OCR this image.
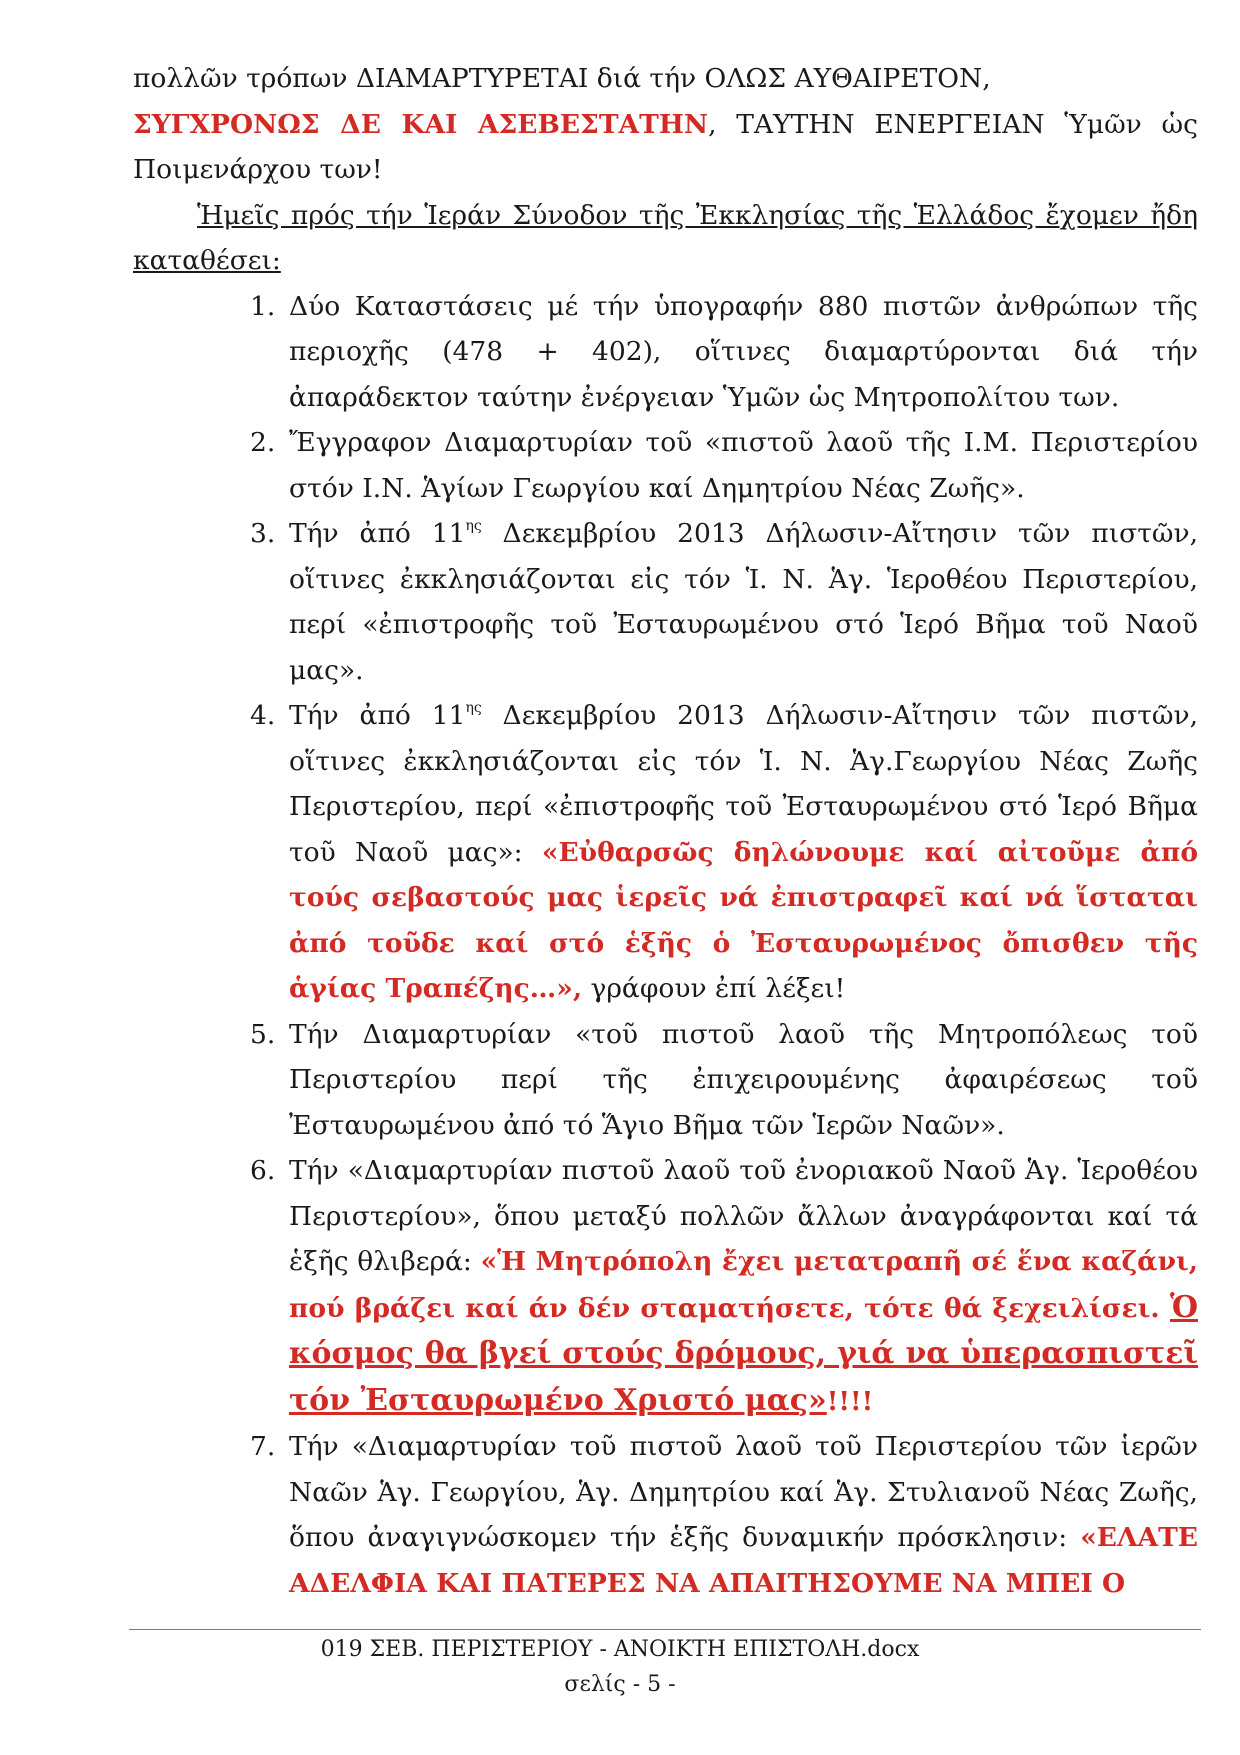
πολλῶν τρόπων ΔΙΑΜΑΡΤΥΡΕΤΑΙ διά τήν ΟΛΩΣ ΑΥΘΑΙΡΕΤΟΝ,
ΣΥΓΧΡΟΝΩΣ ΔΕ ΚΑΙ ΑΣΕΒΕΣΤΑΤΗΝ, ΤΑΥΤΗΝ ΕΝΕΡΓΕΙΑΝ Ὑμῶν ὡς Ποιμενάρχου των!

Ἡμεῖς πρός τήν Ἱεράν Σύνοδον τῆς Ἐκκλησίας τῆς Ἑλλάδος ἔχομεν ἤδη καταθέσει:

1. Δύο Καταστάσεις μέ τήν ὑπογραφήν 880 πιστῶν ἀνθρώπων τῆς περιοχῆς (478 + 402), οἵτινες διαμαρτύρονται διά τήν ἀπαράδεκτον ταύτην ἐνέργειαν Ὑμῶν ὡς Μητροπολίτου των.
2. Ἔγγραφον Διαμαρτυρίαν τοῦ «πιστοῦ λαοῦ τῆς Ι.Μ. Περιστερίου στόν Ι.Ν. Ἁγίων Γεωργίου καί Δημητρίου Νέας Ζωῆς».
3. Τήν ἀπό $11^{\eta\varsigma}$ Δεκεμβρίου 2013 Δήλωσιν-Αἴτησιν τῶν πιστῶν, οἵτινες ἐκκλησιάζονται εἰς τόν Ἱ. Ν. Ἁγ. Ἱεροθέου Περιστερίου, περί «ἐπιστροφῆς τοῦ Ἐσταυρωμένου στό Ἱερό Βῆμα τοῦ Ναοῦ μας».
4. Τήν ἀπό $11^{\eta\varsigma}$ Δεκεμβρίου 2013 Δήλωσιν-Αἴτησιν τῶν πιστῶν, οἵτινες ἐκκλησιάζονται εἰς τόν Ἱ. Ν. Ἁγ.Γεωργίου Νέας Ζωῆς Περιστερίου, περί «ἐπιστροφῆς τοῦ Ἐσταυρωμένου στό Ἱερό Βῆμα τοῦ Ναοῦ μας»: «Εὐθαρσῶς δηλώνουμε καί αἰτοῦμε ἀπό τούς σεβαστούς μας ἱερεῖς νά ἐπιστραφεῖ καί νά ἵσταται ἀπό τοῦδε καί στό ἑξῆς ὁ Ἐσταυρωμένος ὄπισθεν τῆς ἁγίας Τραπέζης…», γράφουν ἐπί λέξει!
5. Τήν Διαμαρτυρίαν «τοῦ πιστοῦ λαοῦ τῆς Μητροπόλεως τοῦ Περιστερίου περί τῆς ἐπιχειρουμένης ἀφαιρέσεως τοῦ Ἐσταυρωμένου ἀπό τό Ἅγιο Βῆμα τῶν Ἱερῶν Ναῶν».
6. Τήν «Διαμαρτυρίαν πιστοῦ λαοῦ τοῦ ἐνοριακοῦ Ναοῦ Ἁγ. Ἱεροθέου Περιστερίου», ὅπου μεταξύ πολλῶν ἄλλων ἀναγράφονται καί τά ἑξῆς θλιβερά: «Ἡ Μητρόπολη ἔχει μετατραπῆ σέ ἕνα καζάνι, πού βράζει καί άν δέν σταματήσετε, τότε θά ξεχειλίσει. Ὁ κόσμος θα βγεί στούς δρόμους, γιά να ὑπερασπιστεῖ τόν Ἐσταυρωμένο Χριστό μας»!!!!
7. Τήν «Διαμαρτυρίαν τοῦ πιστοῦ λαοῦ τοῦ Περιστερίου τῶν ἱερῶν Ναῶν Ἁγ. Γεωργίου, Ἁγ. Δημητρίου καί Ἁγ. Στυλιανοῦ Νέας Ζωῆς, ὅπου ἀναγιγνώσκομεν τήν ἑξῆς δυναμικήν πρόσκλησιν: «ΕΛΑΤΕ ΑΔΕΛΦΙΑ ΚΑΙ ΠΑΤΕΡΕΣ ΝΑ ΑΠΑΙΤΗΣΟΥΜΕ ΝΑ ΜΠΕΙ Ο
019 ΣΕΒ. ΠΕΡΙΣΤΕΡΙΟΥ - ΑΝΟΙΚΤΗ ΕΠΙΣΤΟΛΗ.docx
σελίς - 5 -
